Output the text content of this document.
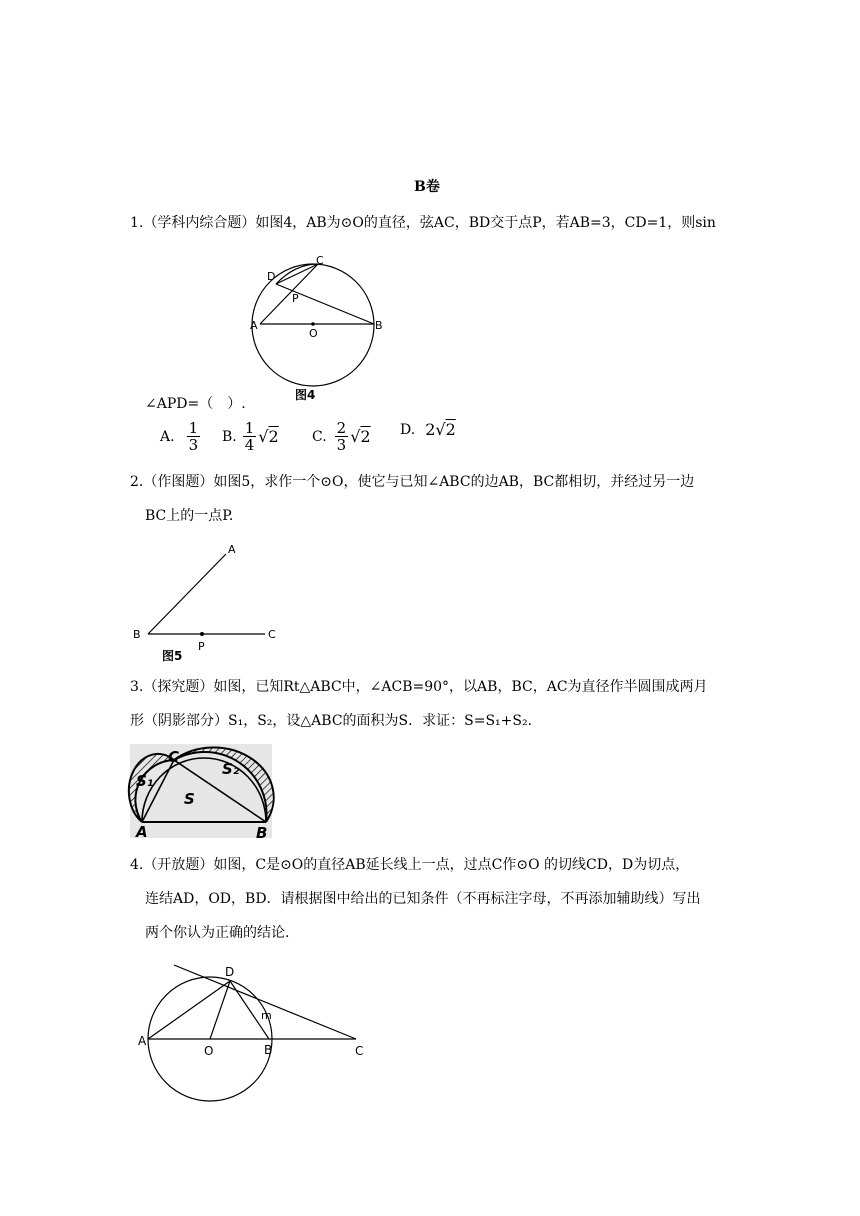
B卷
1.（学科内综合题）如图4，AB为⊙O的直径，弦AC，BD交于点P，若AB=3，CD=1，则sin
D
C
P
A
O
B
图4
∠APD=（　）.
A. $\frac{1}{3} B$. $\frac{1}{4} √2$ C. $\frac{2}{3} √2$ D. 2 √2
2.（作图题）如图5，求作一个⊙O，使它与已知∠ABC的边AB，BC都相切，并经过另一边
BC上的一点P.
A
B	C
P
图5
3.（探究题）如图，已知Rt△ABC中，∠ACB=90°，以AB，BC，AC为直径作半圆围成两月
形（阴影部分）S₁，S₂，设△ABC的面积为S．求证：S=S₁+S₂.
C
S₁
S₂
S
A	B
4.（开放题）如图，C是⊙O的直径AB延长线上一点，过点C作⊙O 的切线CD，D为切点，
连结AD，OD，BD．请根据图中给出的已知条件（不再标注字母，不再添加辅助线）写出
两个你认为正确的结论.
D
m
A
O	B	C
